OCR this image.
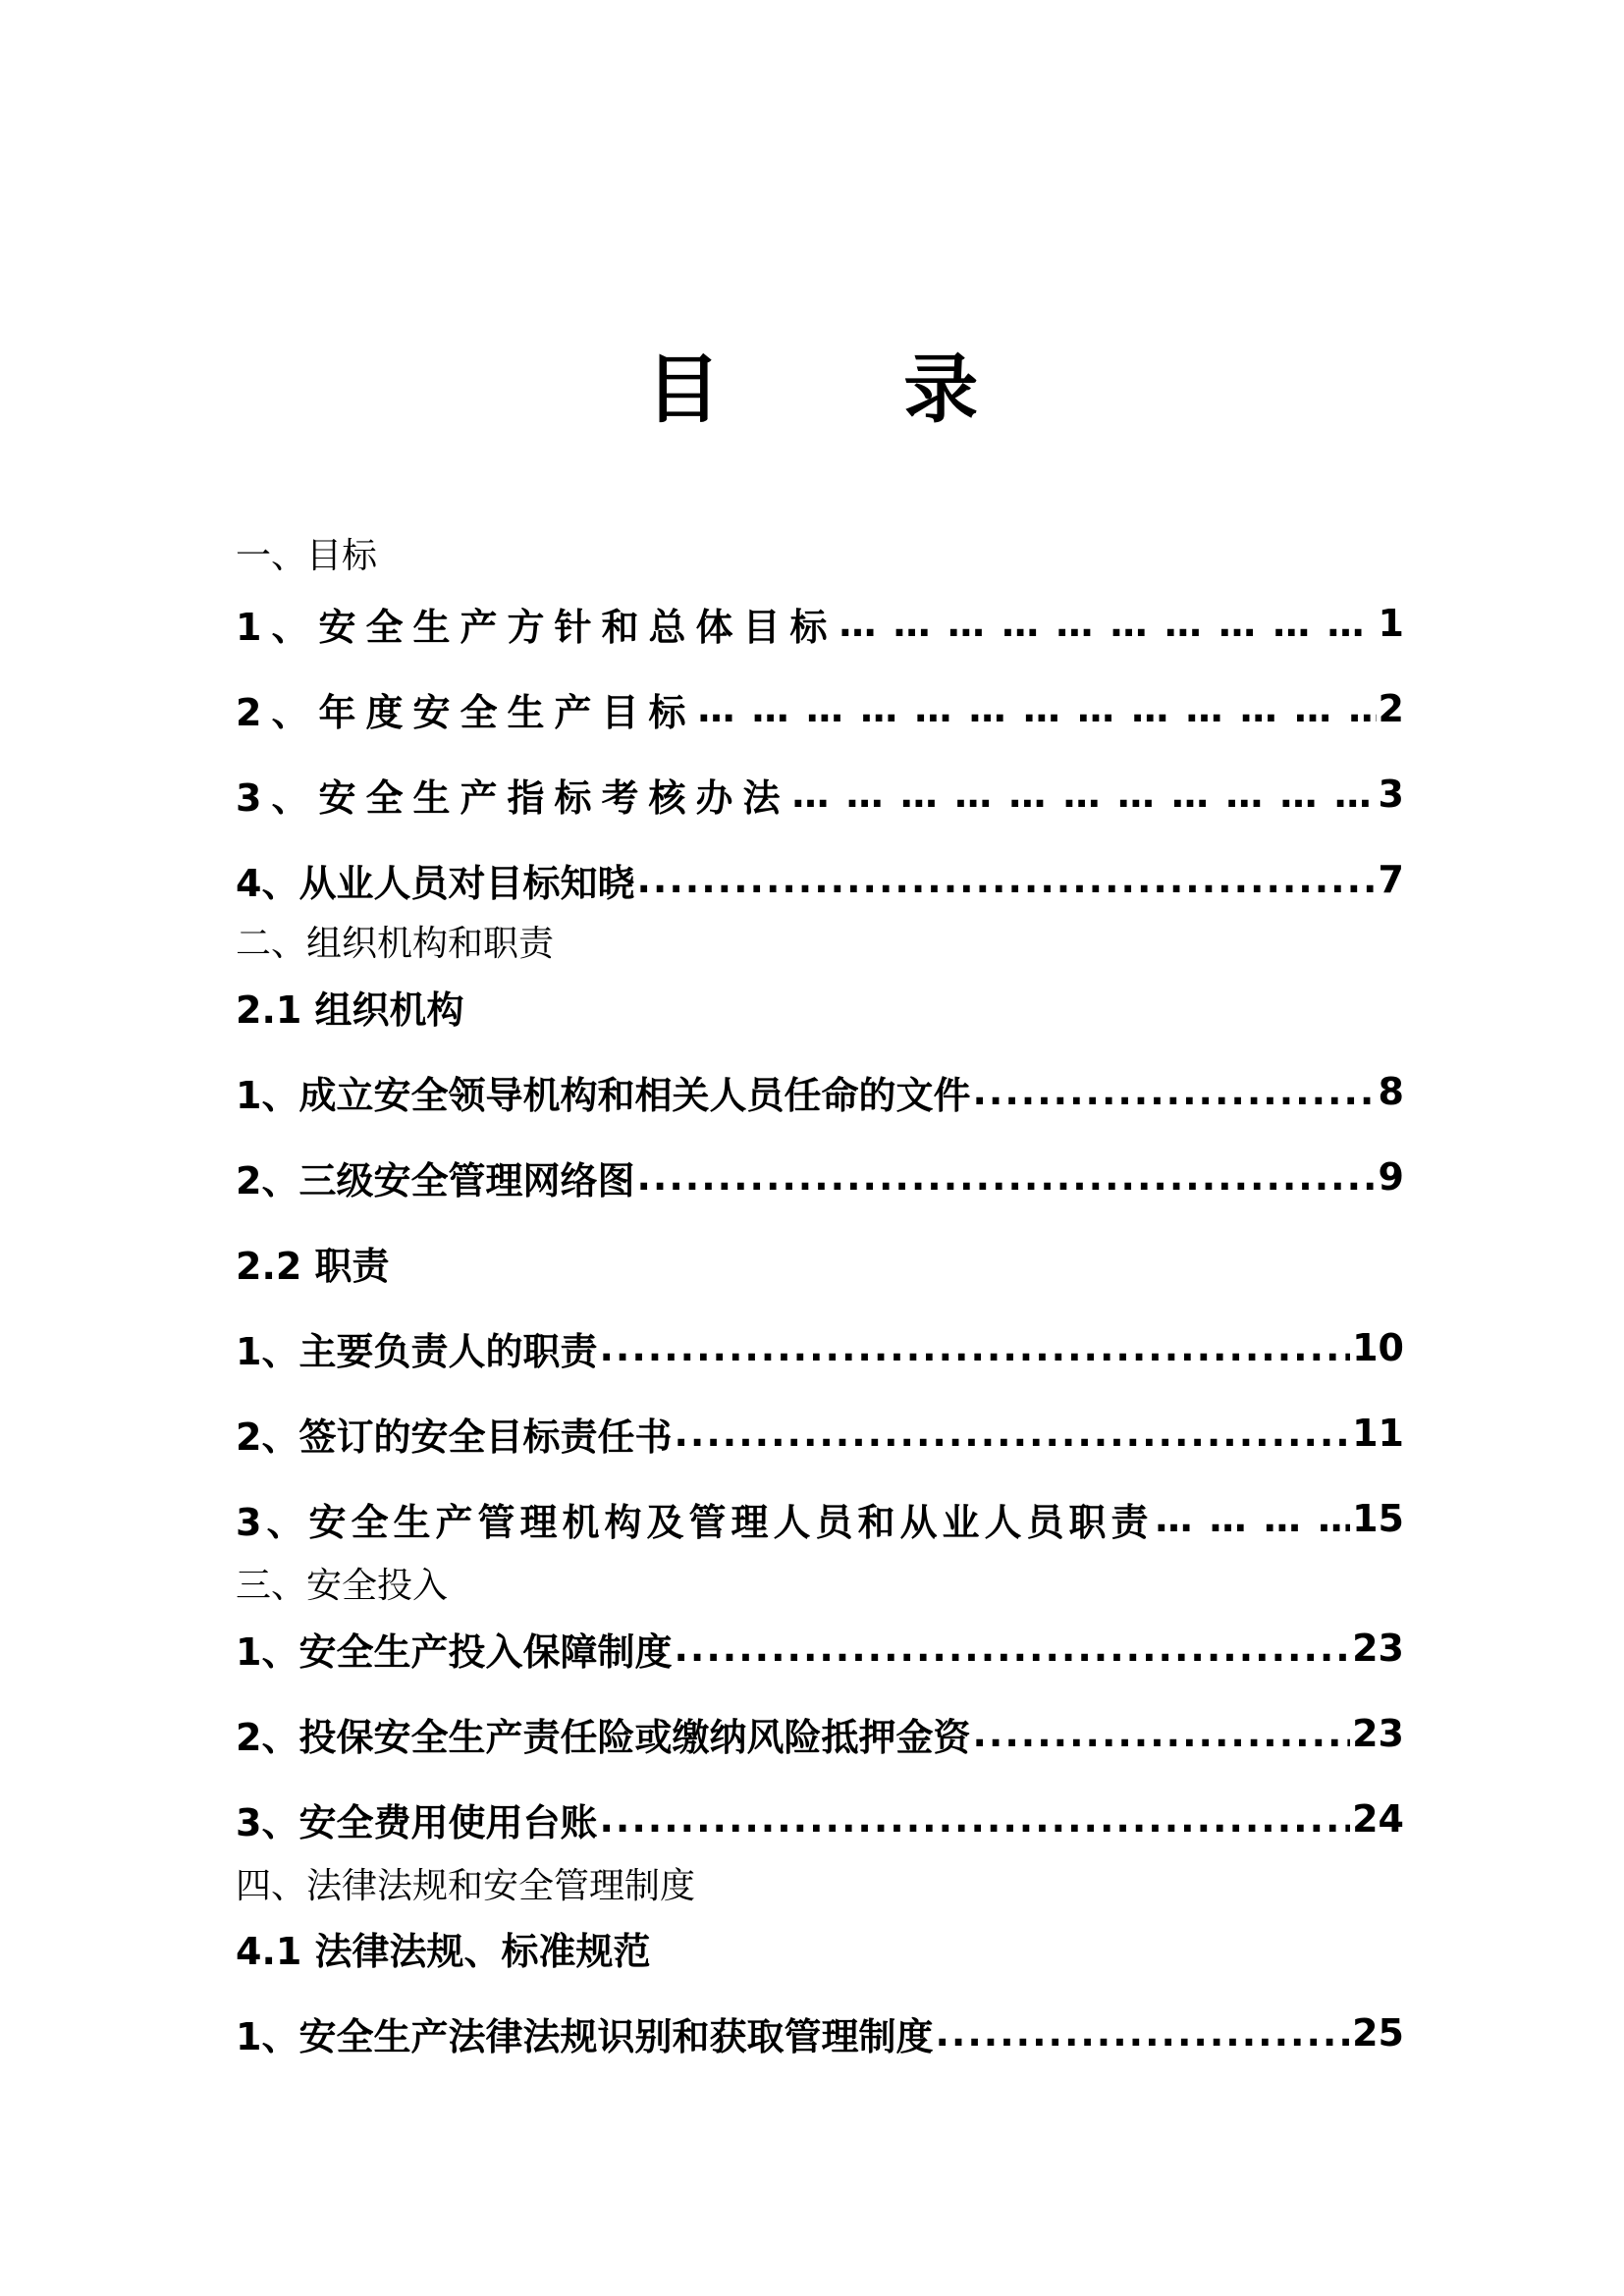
目 录
一、目标
1、安全生产方针和总体目标 … … … … … … … … … … … … … … … … … … … … … … … … … … … … … … … … … … … … … … … … … … … … … …	1
2、年度安全生产目标 … … … … … … … … … … … … … … … … … … … … … … … … … … … … … … … … … … … … … … … … … … … … … …	2
3、安全生产指标考核办法 … … … … … … … … … … … … … … … … … … … … … … … … … … … … … … … … … … … … … … … … … … … … … …	3
4、从业人员对目标知晓 .....	7
二、组织机构和职责
2.1 组织机构
1、成立安全领导机构和相关人员任命的文件 .....	8
2、三级安全管理网络图 .....	9
2.2 职责
1、主要负责人的职责 .....	10
2、签订的安全目标责任书 .....	11
3、安全生产管理机构及管理人员和从业人员职责 … … … … … … … … … … … … … … … … … … … … … … … … … … … … … … … … … … … … … … … … … … … … … …	15
三、安全投入
1、安全生产投入保障制度 .....	23
2、投保安全生产责任险或缴纳风险抵押金资 .....	23
3、安全费用使用台账 .....	24
四、法律法规和安全管理制度
4.1 法律法规、标准规范
1、安全生产法律法规识别和获取管理制度 .....	25
